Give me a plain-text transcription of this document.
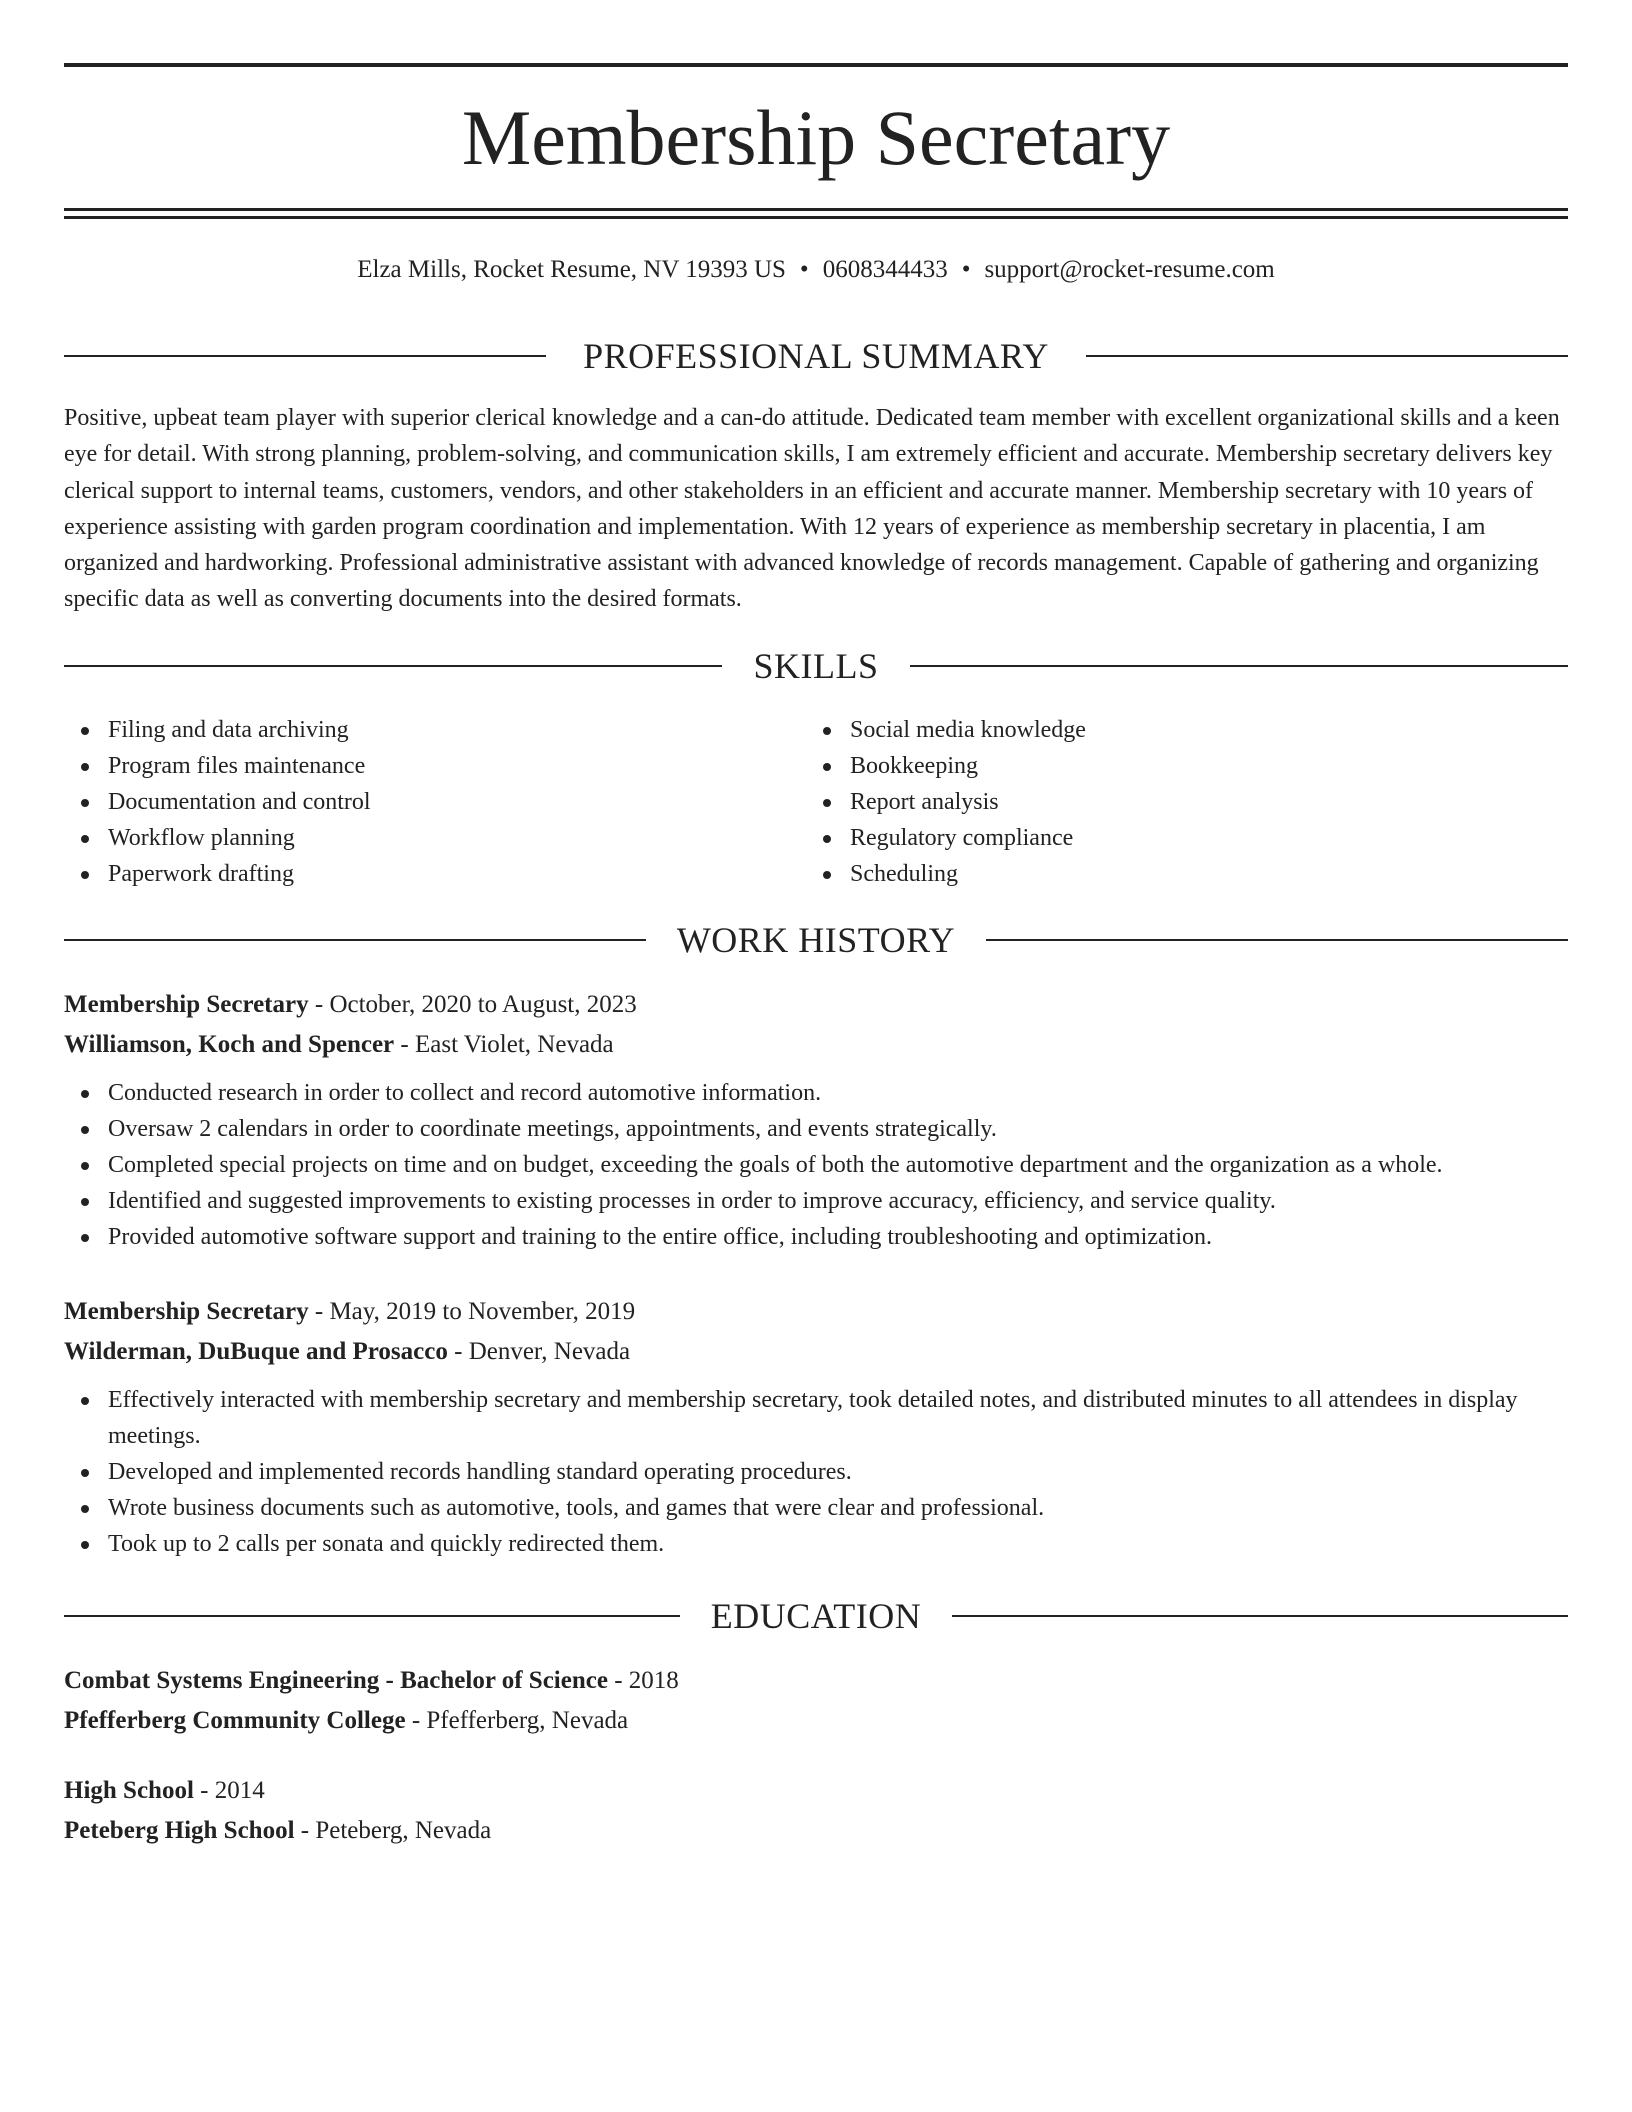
Membership Secretary
Elza Mills, Rocket Resume, NV 19393 US • 0608344433 • support@rocket-resume.com
PROFESSIONAL SUMMARY

Positive, upbeat team player with superior clerical knowledge and a can-do attitude. Dedicated team member with excellent organizational skills and a keen eye for detail. With strong planning, problem-solving, and communication skills, I am extremely efficient and accurate. Membership secretary delivers key clerical support to internal teams, customers, vendors, and other stakeholders in an efficient and accurate manner. Membership secretary with 10 years of experience assisting with garden program coordination and implementation. With 12 years of experience as membership secretary in placentia, I am organized and hardworking. Professional administrative assistant with advanced knowledge of records management. Capable of gathering and organizing specific data as well as converting documents into the desired formats.

SKILLS
Filing and data archiving
Program files maintenance
Documentation and control
Workflow planning
Paperwork drafting
Social media knowledge
Bookkeeping
Report analysis
Regulatory compliance
Scheduling
WORK HISTORY
Membership Secretary - October, 2020 to August, 2023
Williamson, Koch and Spencer - East Violet, Nevada
Conducted research in order to collect and record automotive information.
Oversaw 2 calendars in order to coordinate meetings, appointments, and events strategically.
Completed special projects on time and on budget, exceeding the goals of both the automotive department and the organization as a whole.
Identified and suggested improvements to existing processes in order to improve accuracy, efficiency, and service quality.
Provided automotive software support and training to the entire office, including troubleshooting and optimization.
Membership Secretary - May, 2019 to November, 2019
Wilderman, DuBuque and Prosacco - Denver, Nevada
Effectively interacted with membership secretary and membership secretary, took detailed notes, and distributed minutes to all attendees in display meetings.
Developed and implemented records handling standard operating procedures.
Wrote business documents such as automotive, tools, and games that were clear and professional.
Took up to 2 calls per sonata and quickly redirected them.
EDUCATION
Combat Systems Engineering - Bachelor of Science - 2018
Pfefferberg Community College - Pfefferberg, Nevada
High School - 2014
Peteberg High School - Peteberg, Nevada
